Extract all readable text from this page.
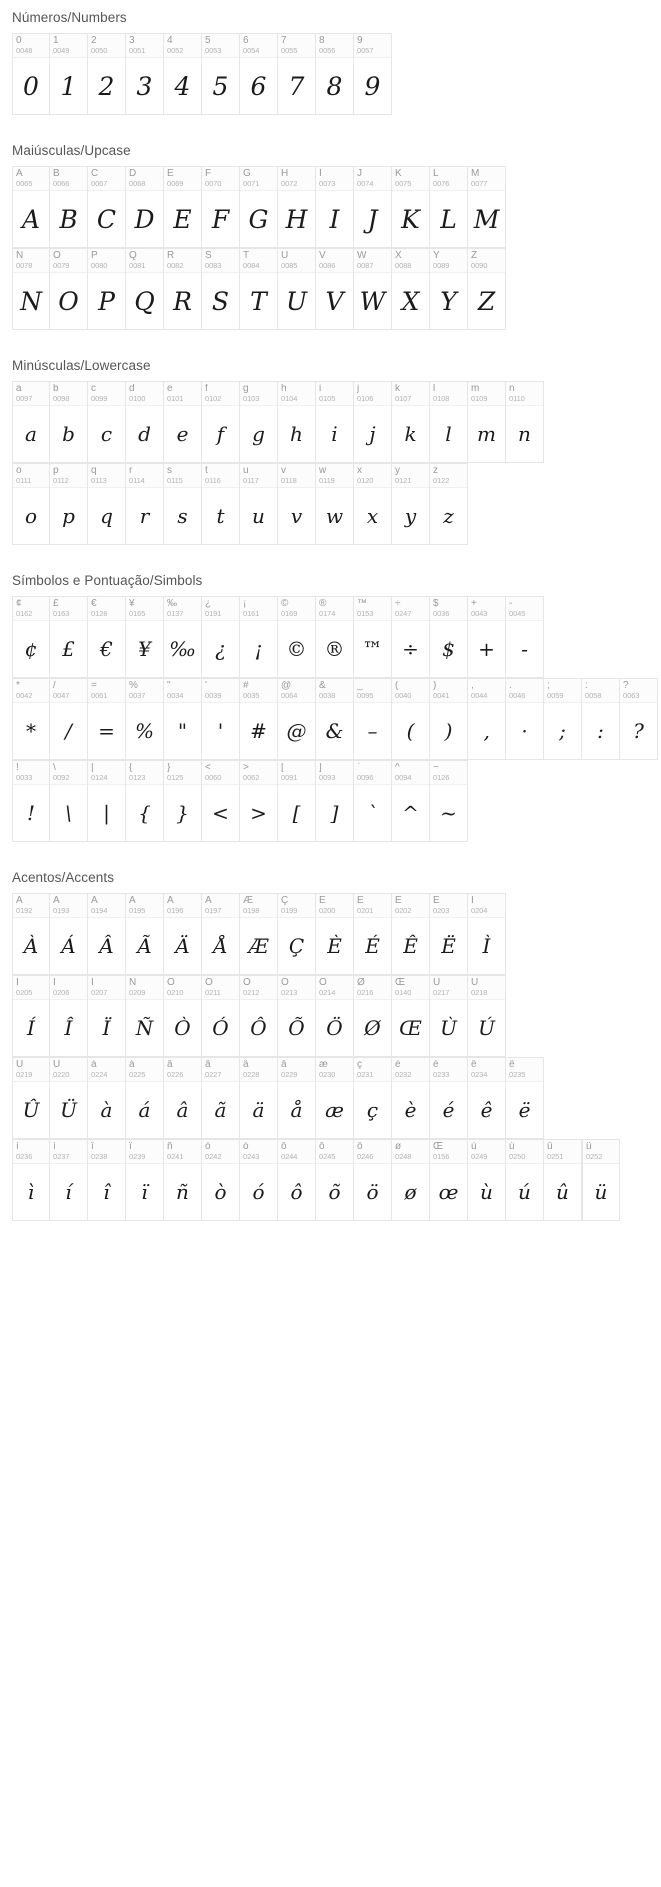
Números/Numbers
0
0048
0
1
0049
1
2
0050
2
3
0051
3
4
0052
4
5
0053
5
6
0054
6
7
0055
7
8
0056
8
9
0057
9
Maiúsculas/Upcase
A
0065
A
B
0066
B
C
0067
C
D
0068
D
E
0069
E
F
0070
F
G
0071
G
H
0072
H
I
0073
I
J
0074
J
K
0075
K
L
0076
L
M
0077
M
N
0078
N
O
0079
O
P
0080
P
Q
0081
Q
R
0082
R
S
0083
S
T
0084
T
U
0085
U
V
0086
V
W
0087
W
X
0088
X
Y
0089
Y
Z
0090
Z
Minúsculas/Lowercase
a
0097
a
b
0098
b
c
0099
c
d
0100
d
e
0101
e
f
0102
f
g
0103
g
h
0104
h
i
0105
i
j
0106
j
k
0107
k
l
0108
l
m
0109
m
n
0110
n
o
0111
o
p
0112
p
q
0113
q
r
0114
r
s
0115
s
t
0116
t
u
0117
u
v
0118
v
w
0119
w
x
0120
x
y
0121
y
z
0122
z
Símbolos e Pontuação/Simbols
¢
0162
¢
£
0163
£
€
0128
€
¥
0165
¥
‰
0137
‰
¿
0191
¿
¡
0161
¡
©
0169
©
®
0174
®
™
0153
™
÷
0247
÷
$
0036
$
+
0043
+
-
0045
-
*
0042
*
/
0047
/
=
0061
=
%
0037
%
"
0034
"
'
0039
'
#
0035
#
@
0064
@
&
0038
&
_
0095
–
(
0040
(
)
0041
)
,
0044
‚
.
0046
·
;
0059
;
:
0058
:
?
0063
?
!
0033
!
\
0092
\
|
0124
|
{
0123
{
}
0125
}
<
0060
<
>
0062
>
[
0091
[
]
0093
]
`
0096
`
^
0094
^
~
0126
~
Acentos/Accents
À
0192
À
Á
0193
Á
Â
0194
Â
Ã
0195
Ã
Ä
0196
Ä
Å
0197
Å
Æ
0198
Æ
Ç
0199
Ç
È
0200
È
É
0201
É
Ê
0202
Ê
Ë
0203
Ë
Ì
0204
Ì
Í
0205
Í
Î
0206
Î
Ï
0207
Ï
Ñ
0209
Ñ
Ò
0210
Ò
Ó
0211
Ó
Ô
0212
Ô
Õ
0213
Õ
Ö
0214
Ö
Ø
0216
Ø
Œ
0140
Œ
Ù
0217
Ù
Ú
0218
Ú
Û
0219
Û
Ü
0220
Ü
à
0224
à
á
0225
á
â
0226
â
ã
0227
ã
ä
0228
ä
å
0229
å
æ
0230
æ
ç
0231
ç
è
0232
è
é
0233
é
ê
0234
ê
ë
0235
ë
ì
0236
ì
í
0237
í
î
0238
î
ï
0239
ï
ñ
0241
ñ
ò
0242
ò
ó
0243
ó
ô
0244
ô
õ
0245
õ
ö
0246
ö
ø
0248
ø
Œ
0156
œ
ù
0249
ù
ú
0250
ú
û
0251
û
ü
0252
ü
